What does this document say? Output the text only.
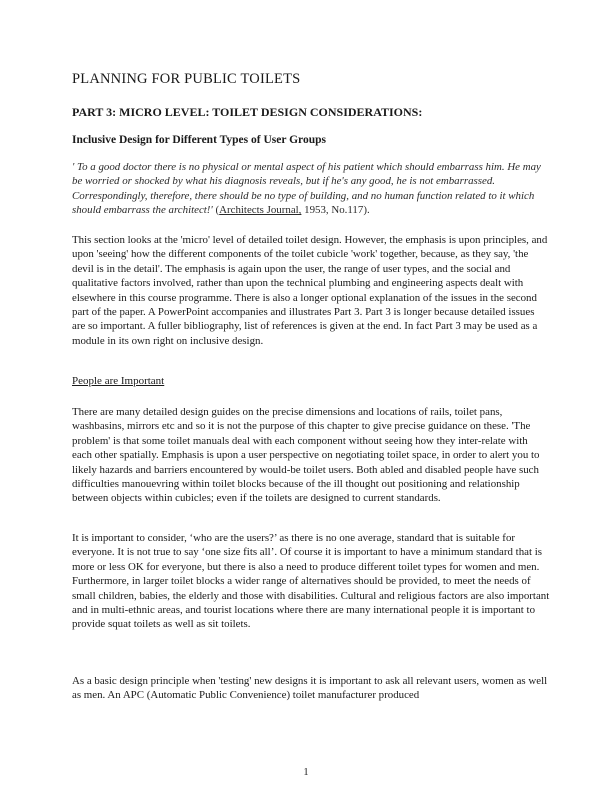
PLANNING FOR PUBLIC TOILETS
PART 3: MICRO LEVEL: TOILET DESIGN CONSIDERATIONS:
Inclusive Design for Different Types of User Groups

' To a good doctor there is no physical or mental aspect of his patient which should embarrass him. He may be worried or shocked by what his diagnosis reveals, but if he's any good, he is not embarrassed. Correspondingly, therefore, there should be no type of building, and no human function related to it which should embarrass the architect!' (Architects Journal, 1953, No.117).

This section looks at the 'micro' level of detailed toilet design. However, the emphasis is upon principles, and upon 'seeing' how the different components of the toilet cubicle 'work' together, because, as they say, 'the devil is in the detail'. The emphasis is again upon the user, the range of user types, and the social and qualitative factors involved, rather than upon the technical plumbing and engineering aspects dealt with elsewhere in this course programme. There is also a longer optional explanation of the issues in the second part of the paper. A PowerPoint accompanies and illustrates Part 3. Part 3 is longer because detailed issues are so important. A fuller bibliography, list of references is given at the end. In fact Part 3 may be used as a module in its own right on inclusive design.

People are Important

There are many detailed design guides on the precise dimensions and locations of rails, toilet pans, washbasins, mirrors etc and so it is not the purpose of this chapter to give precise guidance on these. 'The problem' is that some toilet manuals deal with each component without seeing how they inter-relate with each other spatially. Emphasis is upon a user perspective on negotiating toilet space, in order to alert you to likely hazards and barriers encountered by would-be toilet users. Both abled and disabled people have such difficulties manouevring within toilet blocks because of the ill thought out positioning and relationship between objects within cubicles; even if the toilets are designed to current standards.

It is important to consider, ‘who are the users?’ as there is no one average, standard that is suitable for everyone. It is not true to say ‘one size fits all’. Of course it is important to have a minimum standard that is more or less OK for everyone, but there is also a need to produce different toilet types for women and men. Furthermore, in larger toilet blocks a wider range of alternatives should be provided, to meet the needs of small children, babies, the elderly and those with disabilities. Cultural and religious factors are also important and in multi-ethnic areas, and tourist locations where there are many international people it is important to provide squat toilets as well as sit toilets.

As a basic design principle when 'testing' new designs it is important to ask all relevant users, women as well as men. An APC (Automatic Public Convenience) toilet manufacturer produced

1
